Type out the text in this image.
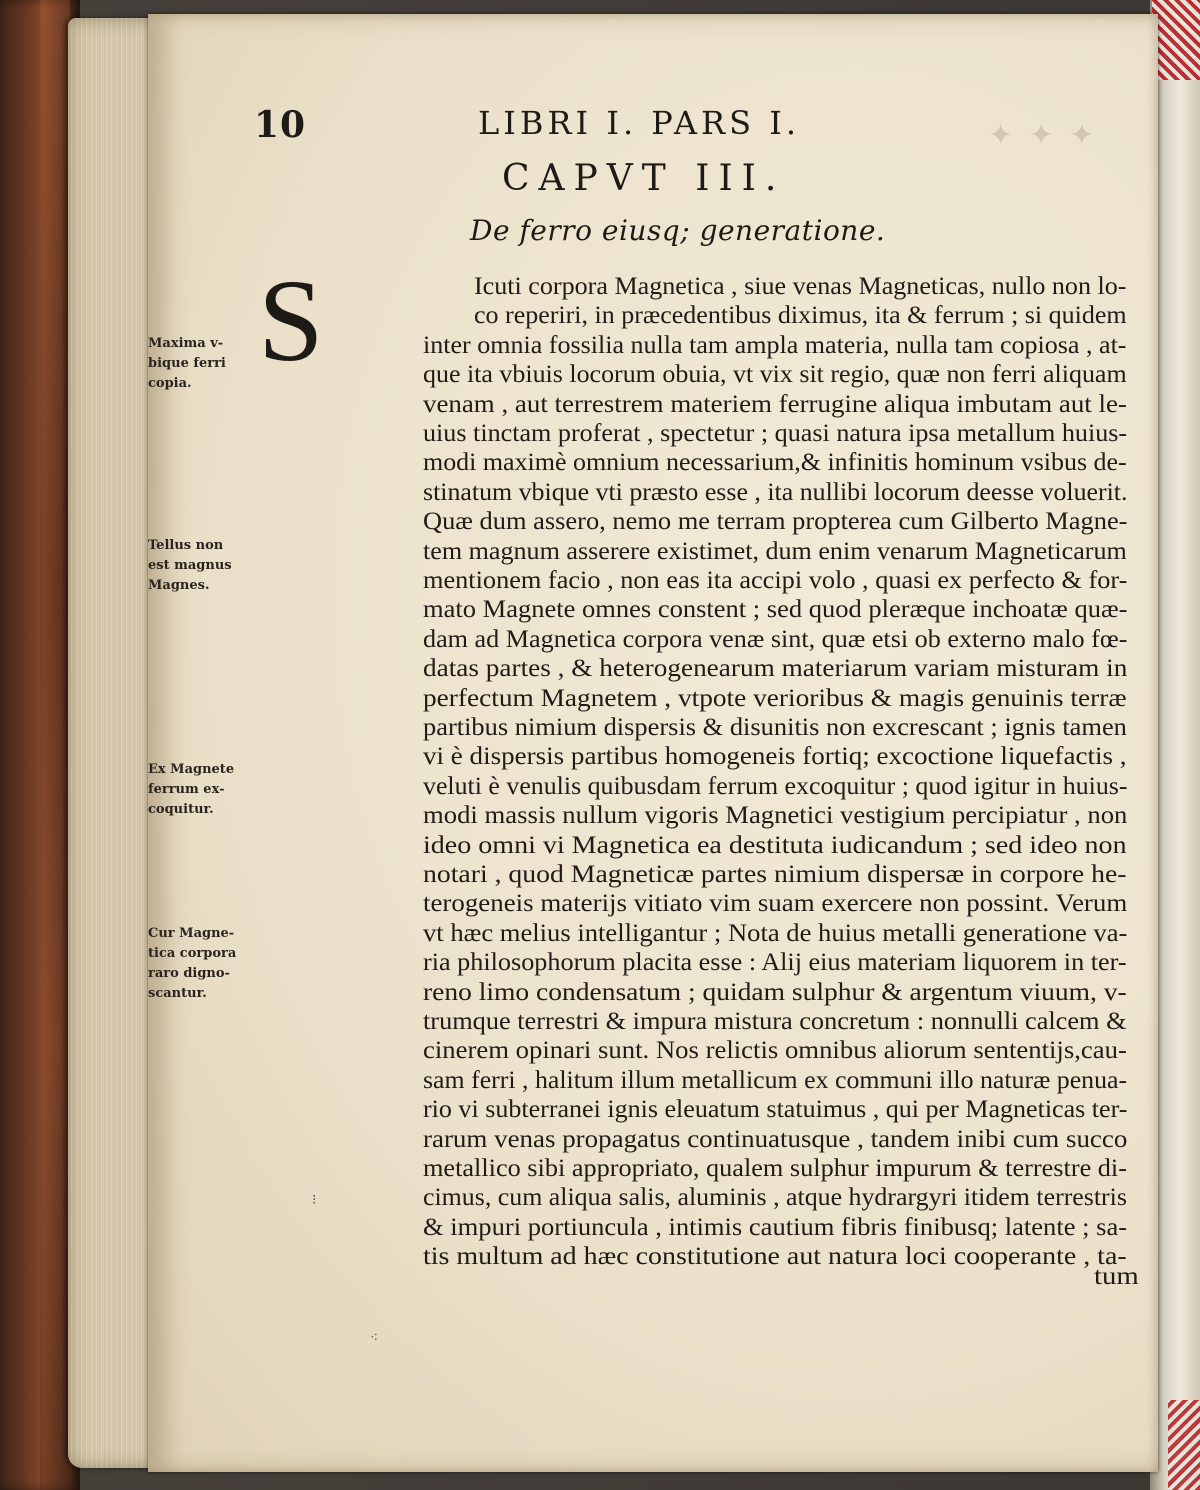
✦ ✦ ✦
10	LIBRI I. PARS I.
CAPVT III.
De ferro eiusq; generatione.
S	Icuti corpora Magnetica , siue venas Magneticas, nullo non lo-
co reperiri, in præcedentibus diximus, ita & ferrum ; si quidem
inter omnia fossilia nulla tam ampla materia, nulla tam copiosa , at-
que ita vbiuis locorum obuia, vt vix sit regio, quæ non ferri aliquam
venam , aut terrestrem materiem ferrugine aliqua imbutam aut le-
uius tinctam proferat , spectetur ; quasi natura ipsa metallum huius-
modi maximè omnium necessarium,& infinitis hominum vsibus de-
stinatum vbique vti præsto esse , ita nullibi locorum deesse voluerit.
Quæ dum assero, nemo me terram propterea cum Gilberto Magne-
tem magnum asserere existimet, dum enim venarum Magneticarum
mentionem facio , non eas ita accipi volo , quasi ex perfecto & for-
mato Magnete omnes constent ; sed quod pleræque inchoatæ quæ-
dam ad Magnetica corpora venæ sint, quæ etsi ob externo malo fœ-
datas partes , & heterogenearum materiarum variam misturam in
perfectum Magnetem , vtpote verioribus & magis genuinis terræ
partibus nimium dispersis & disunitis non excrescant ; ignis tamen
vi è dispersis partibus homogeneis fortiq; excoctione liquefactis ,
veluti è venulis quibusdam ferrum excoquitur ; quod igitur in huius-
modi massis nullum vigoris Magnetici vestigium percipiatur , non
ideo omni vi Magnetica ea destituta iudicandum ; sed ideo non
notari , quod Magneticæ partes nimium dispersæ in corpore he-
terogeneis materijs vitiato vim suam exercere non possint. Verum
vt hæc melius intelligantur ; Nota de huius metalli generatione va-
ria philosophorum placita esse : Alij eius materiam liquorem in ter-
reno limo condensatum ; quidam sulphur & argentum viuum, v-
trumque terrestri & impura mistura concretum : nonnulli calcem &
cinerem opinari sunt. Nos relictis omnibus aliorum sententijs,cau-
sam ferri , halitum illum metallicum ex communi illo naturæ penua-
rio vi subterranei ignis eleuatum statuimus , qui per Magneticas ter-
rarum venas propagatus continuatusque , tandem inibi cum succo
metallico sibi appropriato, qualem sulphur impurum & terrestre di-
cimus, cum aliqua salis, aluminis , atque hydrargyri itidem terrestris
& impuri portiuncula , intimis cautium fibris finibusq; latente ; sa-
tis multum ad hæc constitutione aut natura loci cooperante , ta-
tum
Maxima v-
bique ferri
copia.
Tellus non
est magnus
Magnes.
Ex Magnete
ferrum ex-
coquitur.
Cur Magne-
tica corpora
raro digno-
scantur.
⁝
⁖
